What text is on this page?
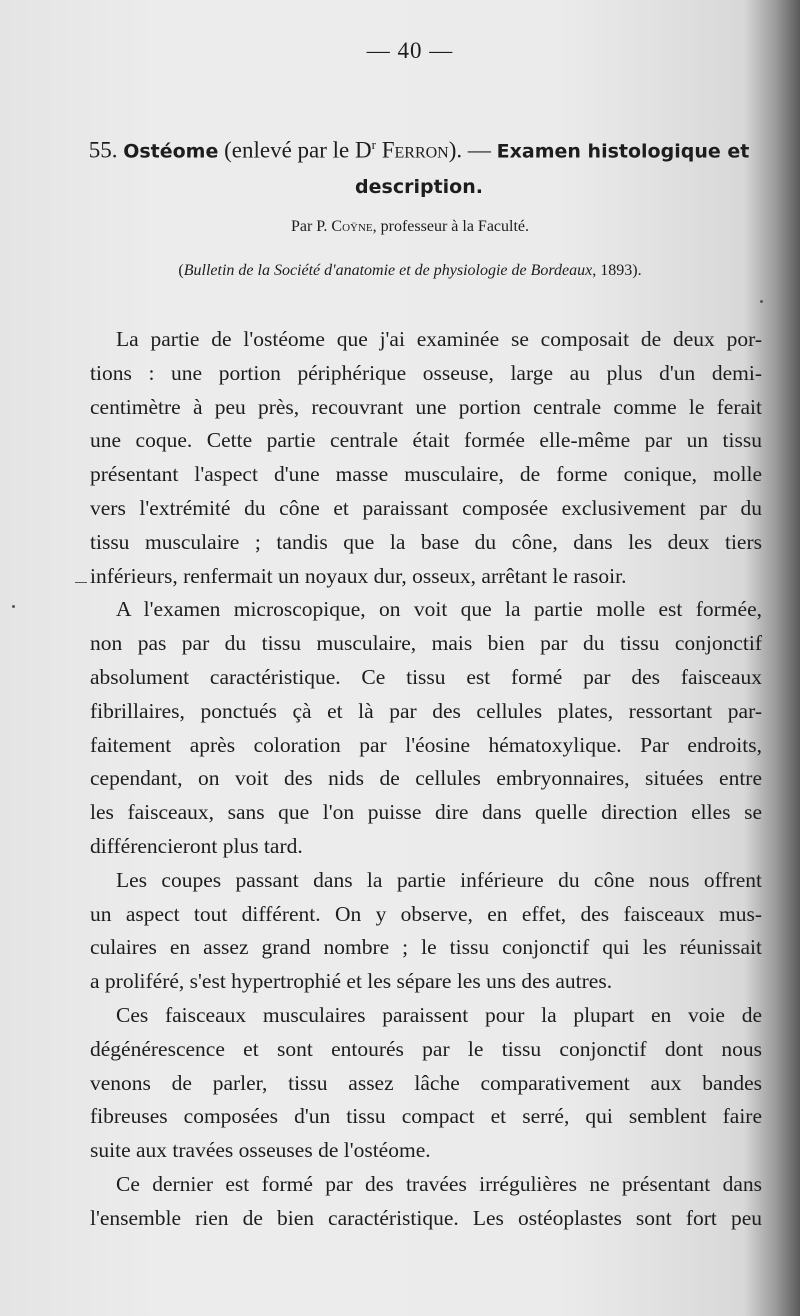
— 40 —
55. Ostéome (enlevé par le $D^r$ Ferron). — Examen histologique et
description.
Par P. Coÿne, professeur à la Faculté.
(Bulletin de la Société d'anatomie et de physiologie de Bordeaux, 1893).
La partie de l'ostéome que j'ai examinée se composait de deux por-
tions : une portion périphérique osseuse, large au plus d'un demi-
centimètre à peu près, recouvrant une portion centrale comme le ferait
une coque. Cette partie centrale était formée elle-même par un tissu
présentant l'aspect d'une masse musculaire, de forme conique, molle
vers l'extrémité du cône et paraissant composée exclusivement par du
tissu musculaire ; tandis que la base du cône, dans les deux tiers
inférieurs, renfermait un noyaux dur, osseux, arrêtant le rasoir.
A l'examen microscopique, on voit que la partie molle est formée,
non pas par du tissu musculaire, mais bien par du tissu conjonctif
absolument caractéristique. Ce tissu est formé par des faisceaux
fibrillaires, ponctués çà et là par des cellules plates, ressortant par-
faitement après coloration par l'éosine hématoxylique. Par endroits,
cependant, on voit des nids de cellules embryonnaires, situées entre
les faisceaux, sans que l'on puisse dire dans quelle direction elles se
différencieront plus tard.
Les coupes passant dans la partie inférieure du cône nous offrent
un aspect tout différent. On y observe, en effet, des faisceaux mus-
culaires en assez grand nombre ; le tissu conjonctif qui les réunissait
a proliféré, s'est hypertrophié et les sépare les uns des autres.
Ces faisceaux musculaires paraissent pour la plupart en voie de
dégénérescence et sont entourés par le tissu conjonctif dont nous
venons de parler, tissu assez lâche comparativement aux bandes
fibreuses composées d'un tissu compact et serré, qui semblent faire
suite aux travées osseuses de l'ostéome.
Ce dernier est formé par des travées irrégulières ne présentant dans
l'ensemble rien de bien caractéristique. Les ostéoplastes sont fort peu
